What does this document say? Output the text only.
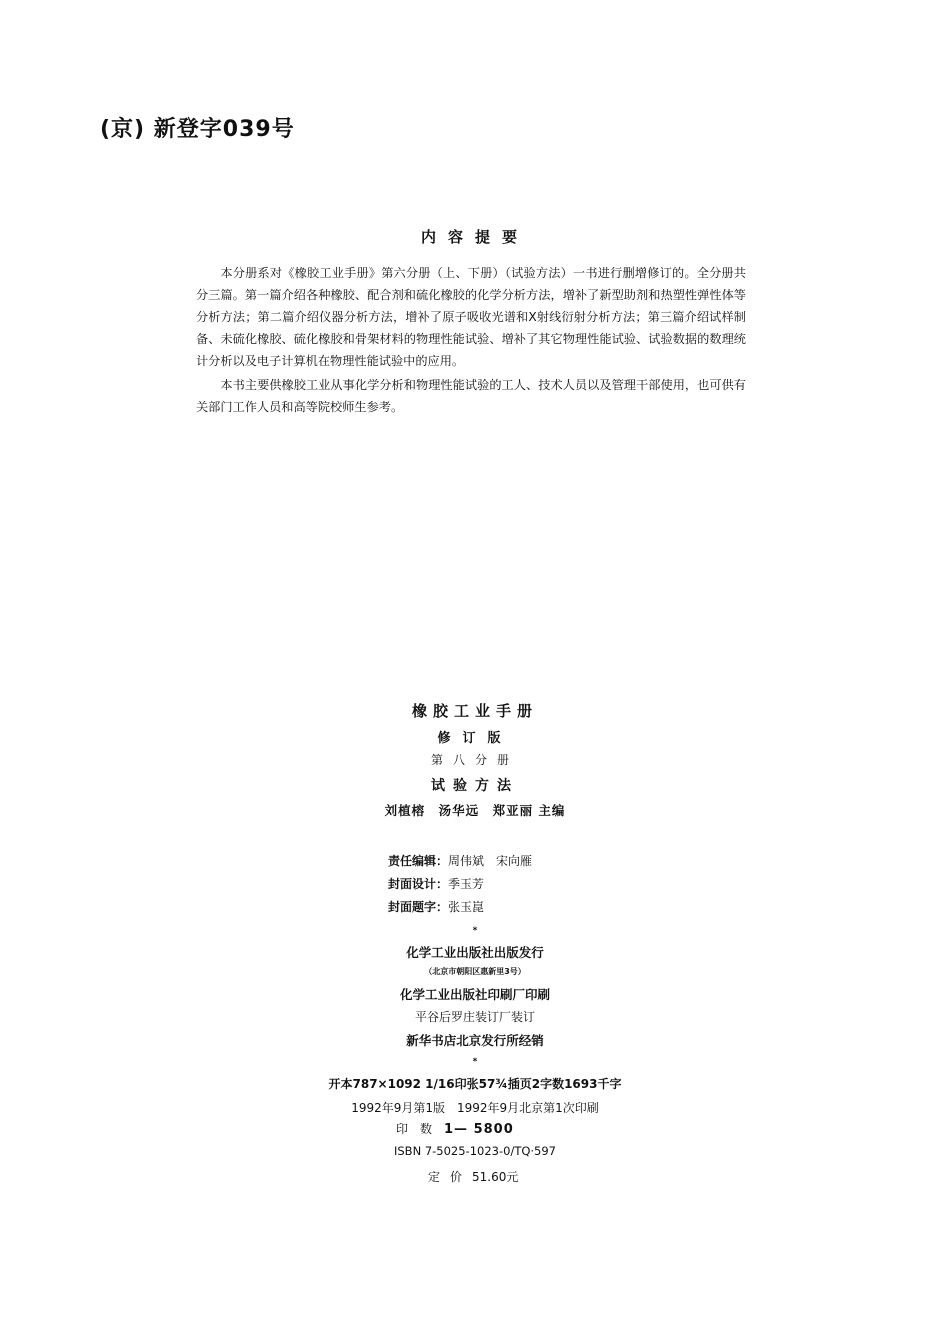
(京) 新登字039号
内容提要

本分册系对《橡胶工业手册》第六分册（上、下册）（试验方法）一书进行删增修订的。全分册共分三篇。第一篇介绍各种橡胶、配合剂和硫化橡胶的化学分析方法，增补了新型助剂和热塑性弹性体等分析方法；第二篇介绍仪器分析方法，增补了原子吸收光谱和X射线衍射分析方法；第三篇介绍试样制备、未硫化橡胶、硫化橡胶和骨架材料的物理性能试验、增补了其它物理性能试验、试验数据的数理统计分析以及电子计算机在物理性能试验中的应用。

本书主要供橡胶工业从事化学分析和物理性能试验的工人、技术人员以及管理干部使用，也可供有关部门工作人员和高等院校师生参考。

橡胶工业手册
修订版
第八分册
试验方法
刘植榕　汤华远　郑亚丽 主编
责任编辑：周伟斌　宋向雁
封面设计：季玉芳
封面题字：张玉崑
*
化学工业出版社出版发行
（北京市朝阳区惠新里3号）
化学工业出版社印刷厂印刷
平谷后罗庄装订厂装订
新华书店北京发行所经销
*
开本787×1092 1/16印张57¾插页2字数1693千字
1992年9月第1版　1992年9月北京第1次印刷
印数1— 5800
ISBN 7-5025-1023-0/TQ·597
定价51.60元
